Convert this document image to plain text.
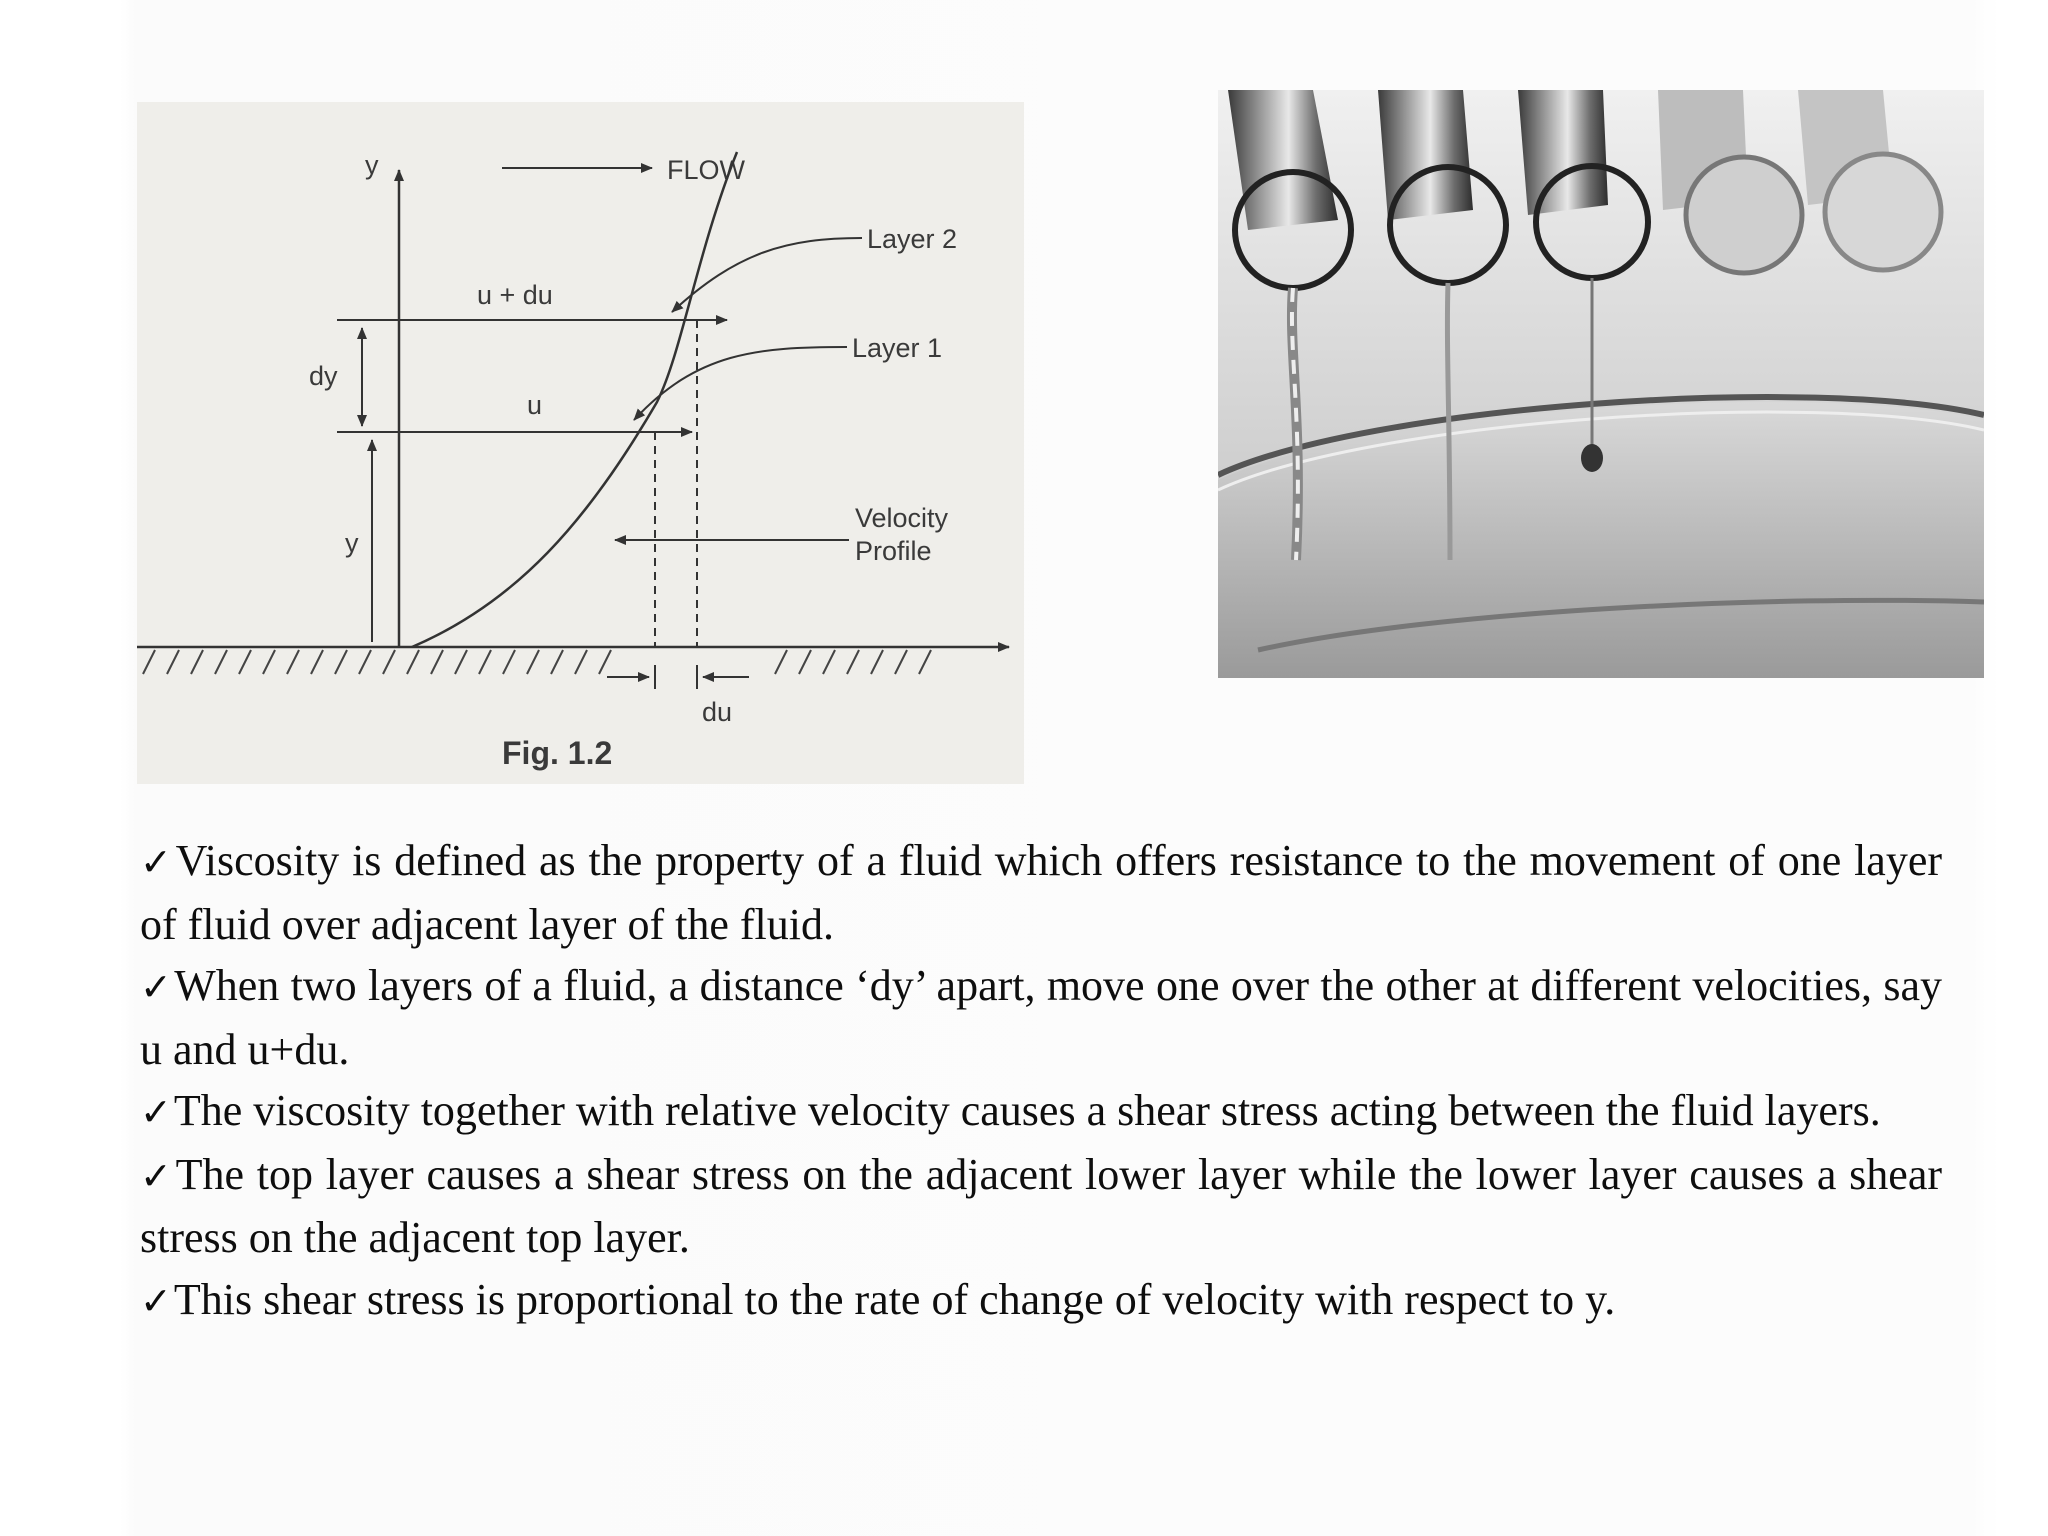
y	FLOW
u + du
u
dy
y
du
Layer 2
Layer 1
Velocity
Profile
Fig. 1.2
✓Viscosity is defined as the property of a fluid which offers resistance to the movement of one layer of fluid over adjacent layer of the fluid.
✓When two layers of a fluid, a distance ‘dy’ apart, move one over the other at different velocities, say u and u+du.
✓The viscosity together with relative velocity causes a shear stress acting between the fluid layers.
✓The top layer causes a shear stress on the adjacent lower layer while the lower layer causes a shear stress on the adjacent top layer.
✓This shear stress is proportional to the rate of change of velocity with respect to y.
